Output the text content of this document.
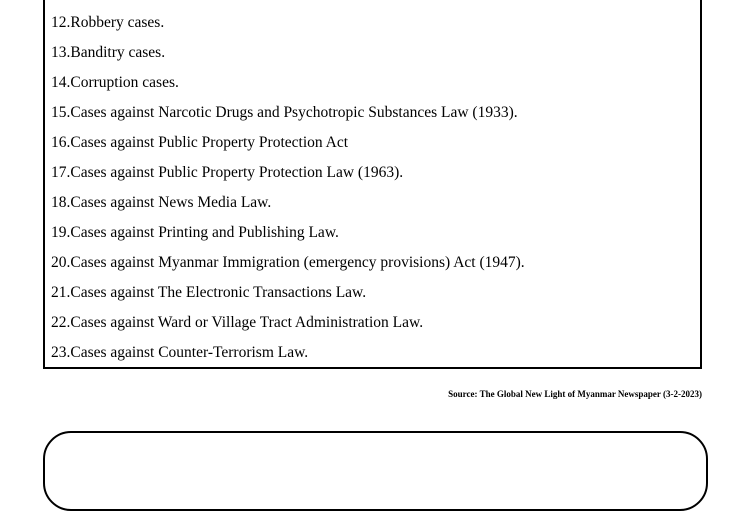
12.Robbery cases.
13.Banditry cases.
14.Corruption cases.
15.Cases against Narcotic Drugs and Psychotropic Substances Law (1933).
16.Cases against Public Property Protection Act
17.Cases against Public Property Protection Law (1963).
18.Cases against News Media Law.
19.Cases against Printing and Publishing Law.
20.Cases against Myanmar Immigration (emergency provisions) Act (1947).
21.Cases against The Electronic Transactions Law.
22.Cases against Ward or Village Tract Administration Law.
23.Cases against Counter-Terrorism Law.
Source: The Global New Light of Myanmar Newspaper (3-2-2023)
